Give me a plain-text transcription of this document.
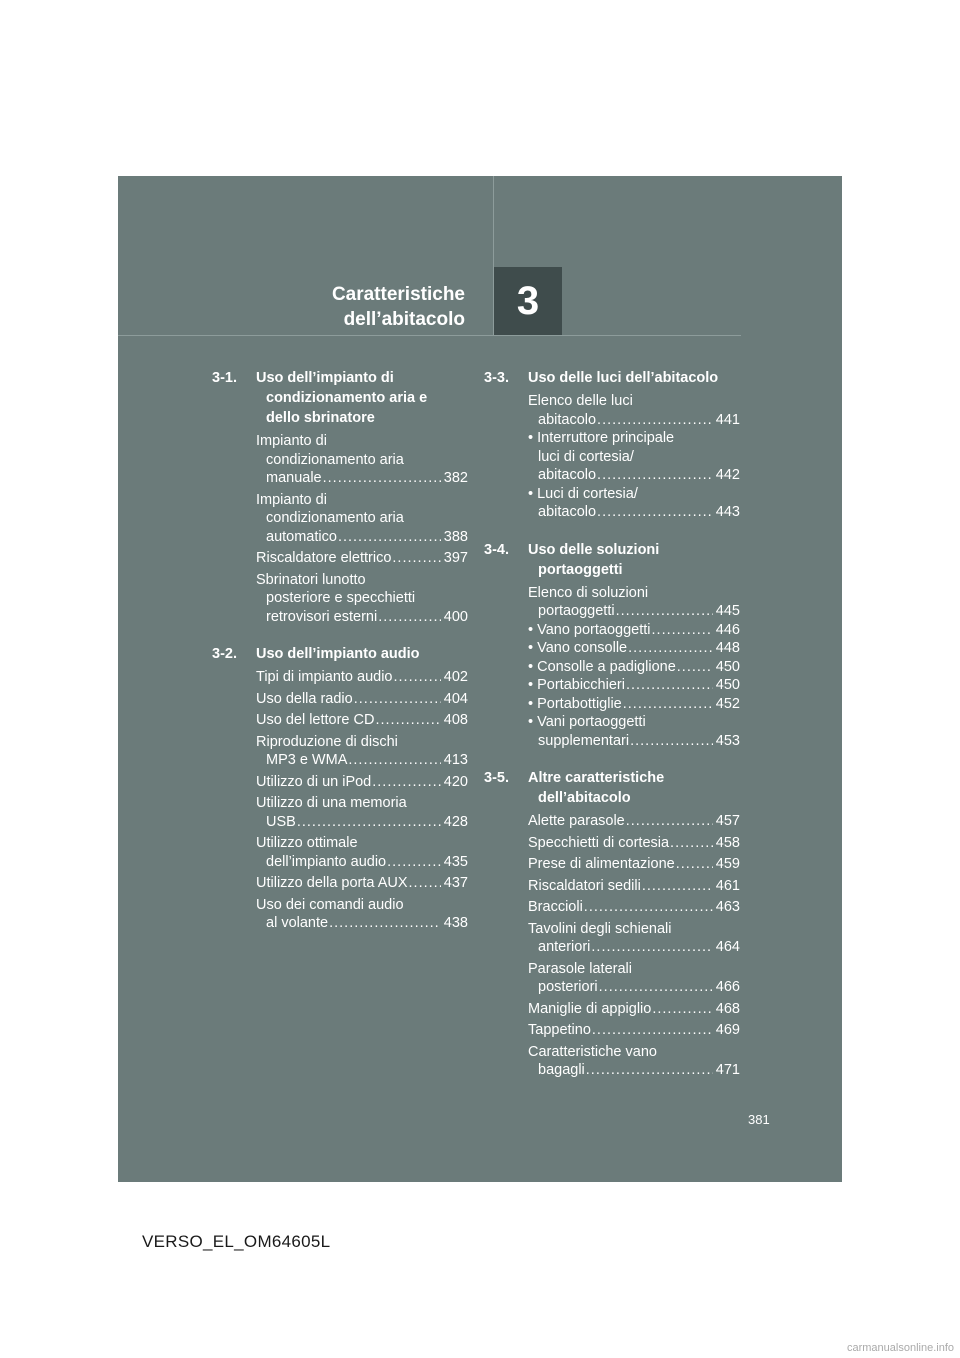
Caratteristiche
dell’abitacolo 3
3-1.	Uso dell’impianto di
condizionamento aria e
dello sbrinatore
Impianto di
condizionamento aria
manuale .....	382
Impianto di
condizionamento aria
automatico .....	388
Riscaldatore elettrico .....	397
Sbrinatori lunotto
posteriore e specchietti
retrovisori esterni .....	400
3-2.	Uso dell’impianto audio
Tipi di impianto audio .....	402
Uso della radio .....	404
Uso del lettore CD .....	408
Riproduzione di dischi
MP3 e WMA .....	413
Utilizzo di un iPod .....	420
Utilizzo di una memoria
USB .....	428
Utilizzo ottimale
dell’impianto audio .....	435
Utilizzo della porta AUX .....	437
Uso dei comandi audio
al volante .....	438
3-3.	Uso delle luci dell’abitacolo
Elenco delle luci
abitacolo .....	441
• Interruttore principale
luci di cortesia/
abitacolo .....	442
• Luci di cortesia/
abitacolo .....	443
3-4.	Uso delle soluzioni
portaoggetti
Elenco di soluzioni
portaoggetti .....	445
• Vano portaoggetti .....	446
• Vano consolle .....	448
• Consolle a padiglione .....	450
• Portabicchieri .....	450
• Portabottiglie .....	452
• Vani portaoggetti
supplementari .....	453
3-5.	Altre caratteristiche
dell’abitacolo
Alette parasole .....	457
Specchietti di cortesia .....	458
Prese di alimentazione .....	459
Riscaldatori sedili .....	461
Braccioli .....	463
Tavolini degli schienali
anteriori .....	464
Parasole laterali
posteriori .....	466
Maniglie di appiglio .....	468
Tappetino .....	469
Caratteristiche vano
bagagli .....	471
381
VERSO_EL_OM64605L
carmanualsonline.info
